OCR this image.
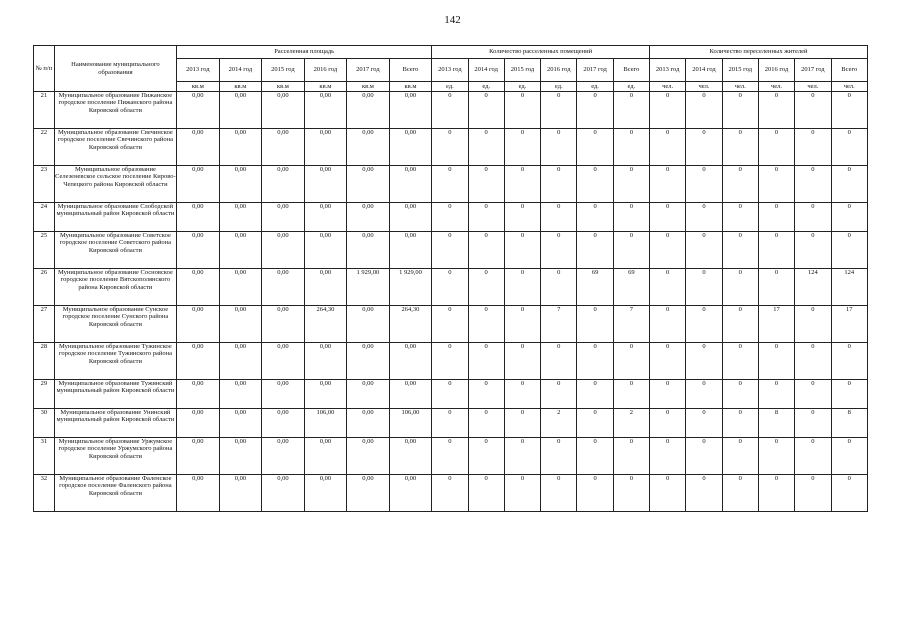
142
№ п/п	Наименование муниципального образования	Расселенная площадь						Количество расселенных помещений						Количество переселенных жителей					
		2013 год	2014 год	2015 год	2016 год	2017 год	Всего	2013 год	2014 год	2015 год	2016 год	2017 год	Всего	2013 год	2014 год	2015 год	2016 год	2017 год	Всего
		кв.м	кв.м	кв.м	кв.м	кв.м	кв.м	ед.	ед.	ед.	ед.	ед.	ед.	чел.	чел.	чел.	чел.	чел.	чел.
21	Муниципальное образование Пижанское городское поселение Пижанского района Кировской области	0,00	0,00	0,00	0,00	0,00	0,00	0	0	0	0	0	0	0	0	0	0	0	0
22	Муниципальное образование Свечинское городское поселение Свечинского района Кировской области	0,00	0,00	0,00	0,00	0,00	0,00	0	0	0	0	0	0	0	0	0	0	0	0
23	Муниципальное образование Селезеневское сельское поселение Кирово-Чепецкого района Кировской области	0,00	0,00	0,00	0,00	0,00	0,00	0	0	0	0	0	0	0	0	0	0	0	0
24	Муниципальное образование Слободской муниципальный район Кировской области	0,00	0,00	0,00	0,00	0,00	0,00	0	0	0	0	0	0	0	0	0	0	0	0
25	Муниципальное образование Советское городское поселение Советского района Кировской области	0,00	0,00	0,00	0,00	0,00	0,00	0	0	0	0	0	0	0	0	0	0	0	0
26	Муниципальное образование Сосновское городское поселение Вятскополянского района Кировской области	0,00	0,00	0,00	0,00	1 929,00	1 929,00	0	0	0	0	69	69	0	0	0	0	124	124
27	Муниципальное образование Сунское городское поселение Сунского района Кировской области	0,00	0,00	0,00	264,30	0,00	264,30	0	0	0	7	0	7	0	0	0	17	0	17
28	Муниципальное образование Тужинское городское поселение Тужинского района Кировской области	0,00	0,00	0,00	0,00	0,00	0,00	0	0	0	0	0	0	0	0	0	0	0	0
29	Муниципальное образование Тужинский муниципальный район Кировской области	0,00	0,00	0,00	0,00	0,00	0,00	0	0	0	0	0	0	0	0	0	0	0	0
30	Муниципальное образование Унинский муниципальный район Кировской области	0,00	0,00	0,00	106,00	0,00	106,00	0	0	0	2	0	2	0	0	0	8	0	8
31	Муниципальное образование Уржумское городское поселение Уржумского района Кировской области	0,00	0,00	0,00	0,00	0,00	0,00	0	0	0	0	0	0	0	0	0	0	0	0
32	Муниципальное образование Фаленское городское поселение Фаленского района Кировской области	0,00	0,00	0,00	0,00	0,00	0,00	0	0	0	0	0	0	0	0	0	0	0	0
